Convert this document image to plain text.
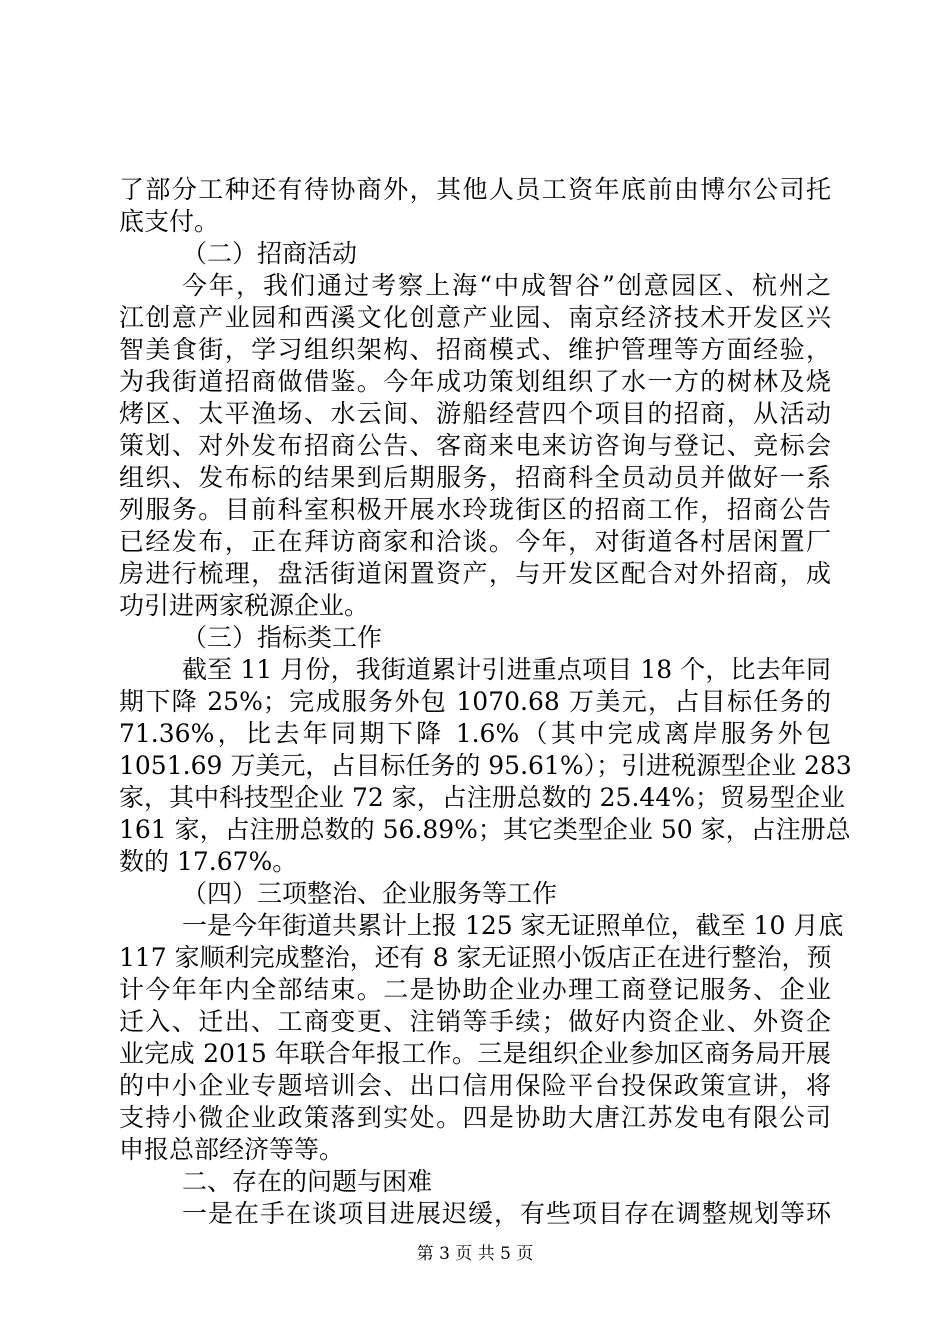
了部分工种还有待协商外，其他人员工资年底前由博尔公司托
底支付。
（二）招商活动
今年，我们通过考察上海“中成智谷”创意园区、杭州之
江创意产业园和西溪文化创意产业园、南京经济技术开发区兴
智美食街，学习组织架构、招商模式、维护管理等方面经验，
为我街道招商做借鉴。今年成功策划组织了水一方的树林及烧
烤区、太平渔场、水云间、游船经营四个项目的招商，从活动
策划、对外发布招商公告、客商来电来访咨询与登记、竞标会
组织、发布标的结果到后期服务，招商科全员动员并做好一系
列服务。目前科室积极开展水玲珑街区的招商工作，招商公告
已经发布，正在拜访商家和洽谈。今年，对街道各村居闲置厂
房进行梳理，盘活街道闲置资产，与开发区配合对外招商，成
功引进两家税源企业。
（三）指标类工作
截至 11 月份，我街道累计引进重点项目 18 个，比去年同
期下降 25%；完成服务外包 1070.68 万美元，占目标任务的
71.36%，比去年同期下降 1.6%（其中完成离岸服务外包
1051.69 万美元，占目标任务的 95.61%）；引进税源型企业 283
家，其中科技型企业 72 家，占注册总数的 25.44%；贸易型企业
161 家，占注册总数的 56.89%；其它类型企业 50 家，占注册总
数的 17.67%。
（四）三项整治、企业服务等工作
一是今年街道共累计上报 125 家无证照单位，截至 10 月底
117 家顺利完成整治，还有 8 家无证照小饭店正在进行整治，预
计今年年内全部结束。二是协助企业办理工商登记服务、企业
迁入、迁出、工商变更、注销等手续；做好内资企业、外资企
业完成 2015 年联合年报工作。三是组织企业参加区商务局开展
的中小企业专题培训会、出口信用保险平台投保政策宣讲，将
支持小微企业政策落到实处。四是协助大唐江苏发电有限公司
申报总部经济等等。
二、存在的问题与困难
一是在手在谈项目进展迟缓，有些项目存在调整规划等环
第 3 页 共 5 页
